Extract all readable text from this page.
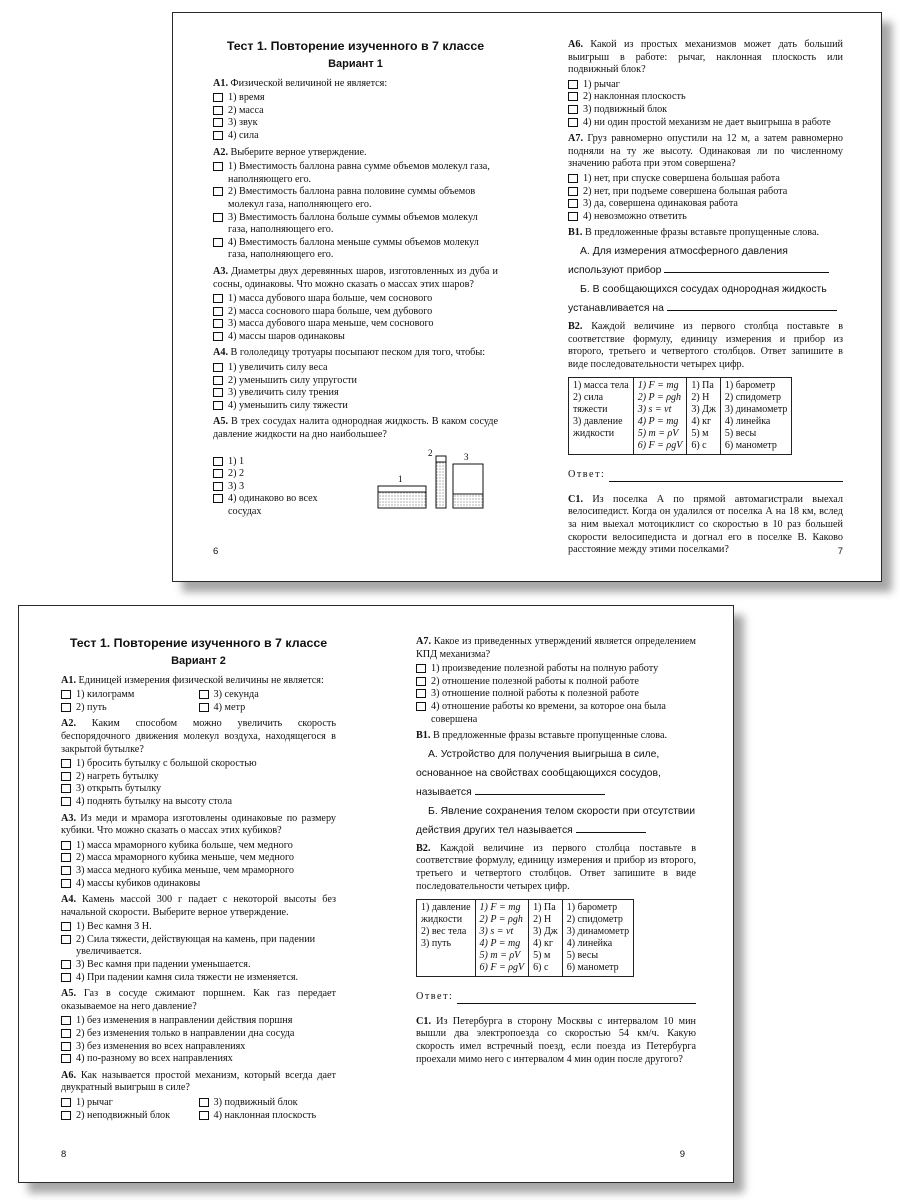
Тест 1. Повторение изученного в 7 классе
Вариант 1
А1. Физической величиной не является:
1) время
2) масса
3) звук
4) сила
А2. Выберите верное утверждение.
1) Вместимость баллона равна сумме объемов молекул газа, наполняющего его.
2) Вместимость баллона равна половине суммы объемов молекул газа, наполняющего его.
3) Вместимость баллона больше суммы объемов молекул газа, наполняющего его.
4) Вместимость баллона меньше суммы объемов молекул газа, наполняющего его.
А3. Диаметры двух деревянных шаров, изготовленных из дуба и сосны, одинаковы. Что можно сказать о массах этих шаров?
1) масса дубового шара больше, чем соснового
2) масса соснового шара больше, чем дубового
3) масса дубового шара меньше, чем соснового
4) массы шаров одинаковы
А4. В гололедицу тротуары посыпают песком для того, чтобы:
1) увеличить силу веса
2) уменьшить силу упругости
3) увеличить силу трения
4) уменьшить силу тяжести
А5. В трех сосудах налита однородная жидкость. В каком сосуде давление жидкости на дно наибольшее?
1) 1
2) 2
3) 3
4) одинаково во всех сосудах
1
2	3
А6. Какой из простых механизмов может дать больший выигрыш в работе: рычаг, наклонная плоскость или подвижный блок?
1) рычаг
2) наклонная плоскость
3) подвижный блок
4) ни один простой механизм не дает выигрыша в работе
А7. Груз равномерно опустили на 12 м, а затем равномерно подняли на ту же высоту. Одинаковая ли по численному значению работа при этом совершена?
1) нет, при спуске совершена большая работа
2) нет, при подъеме совершена большая работа
3) да, совершена одинаковая работа
4) невозможно ответить
В1. В предложенные фразы вставьте пропущенные слова.
А. Для измерения атмосферного давления используют прибор
Б. В сообщающихся сосудах однородная жидкость устанавливается на
В2. Каждой величине из первого столбца поставьте в соответствие формулу, единицу измерения и прибор из второго, третьего и четвертого столбцов. Ответ запишите в виде последовательности четырех цифр.
1) масса тела
2) сила
тяжести
3) давление
жидкости

1) F = mg
2) P = ρgh
3) s = vt
4) P = mg
5) m = ρV
6) F = ρgV

1) Па
2) Н
3) Дж
4) кг
5) м
6) с

1) барометр
2) спидометр
3) динамометр
4) линейка
5) весы
6) манометр
Ответ:
С1. Из поселка А по прямой автомагистрали выехал велосипедист. Когда он удалился от поселка А на 18 км, вслед за ним выехал мотоциклист со скоростью в 10 раз большей скорости велосипедиста и догнал его в поселке В. Каково расстояние между этими поселками?
6	7
Тест 1. Повторение изученного в 7 классе
Вариант 2
А1. Единицей измерения физической величины не является:
1) килограмм
2) путь
3) секунда
4) метр
А2. Каким способом можно увеличить скорость беспорядочного движения молекул воздуха, находящегося в закрытой бутылке?
1) бросить бутылку с большой скоростью
2) нагреть бутылку
3) открыть бутылку
4) поднять бутылку на высоту стола
А3. Из меди и мрамора изготовлены одинаковые по размеру кубики. Что можно сказать о массах этих кубиков?
1) масса мраморного кубика больше, чем медного
2) масса мраморного кубика меньше, чем медного
3) масса медного кубика меньше, чем мраморного
4) массы кубиков одинаковы
А4. Камень массой 300 г падает с некоторой высоты без начальной скорости. Выберите верное утверждение.
1) Вес камня 3 Н.
2) Сила тяжести, действующая на камень, при падении увеличивается.
3) Вес камня при падении уменьшается.
4) При падении камня сила тяжести не изменяется.
А5. Газ в сосуде сжимают поршнем. Как газ передает оказываемое на него давление?
1) без изменения в направлении действия поршня
2) без изменения только в направлении дна сосуда
3) без изменения во всех направлениях
4) по-разному во всех направлениях
А6. Как называется простой механизм, который всегда дает двукратный выигрыш в силе?
1) рычаг
2) неподвижный блок
3) подвижный блок
4) наклонная плоскость
А7. Какое из приведенных утверждений является определением КПД механизма?
1) произведение полезной работы на полную работу
2) отношение полезной работы к полной работе
3) отношение полной работы к полезной работе
4) отношение работы ко времени, за которое она была совершена
В1. В предложенные фразы вставьте пропущенные слова.
А. Устройство для получения выигрыша в силе, основанное на свойствах сообщающихся сосудов, называется
Б. Явление сохранения телом скорости при отсутствии действия других тел называется
В2. Каждой величине из первого столбца поставьте в соответствие формулу, единицу измерения и прибор из второго, третьего и четвертого столбцов. Ответ запишите в виде последовательности четырех цифр.
1) давление
жидкости
2) вес тела
3) путь

1) F = mg
2) P = ρgh
3) s = vt
4) P = mg
5) m = ρV
6) F = ρgV

1) Па
2) Н
3) Дж
4) кг
5) м
6) с

1) барометр
2) спидометр
3) динамометр
4) линейка
5) весы
6) манометр
Ответ:
С1. Из Петербурга в сторону Москвы с интервалом 10 мин вышли два электропоезда со скоростью 54 км/ч. Какую скорость имел встречный поезд, если поезда из Петербурга проехали мимо него с интервалом 4 мин один после другого?
8	9
